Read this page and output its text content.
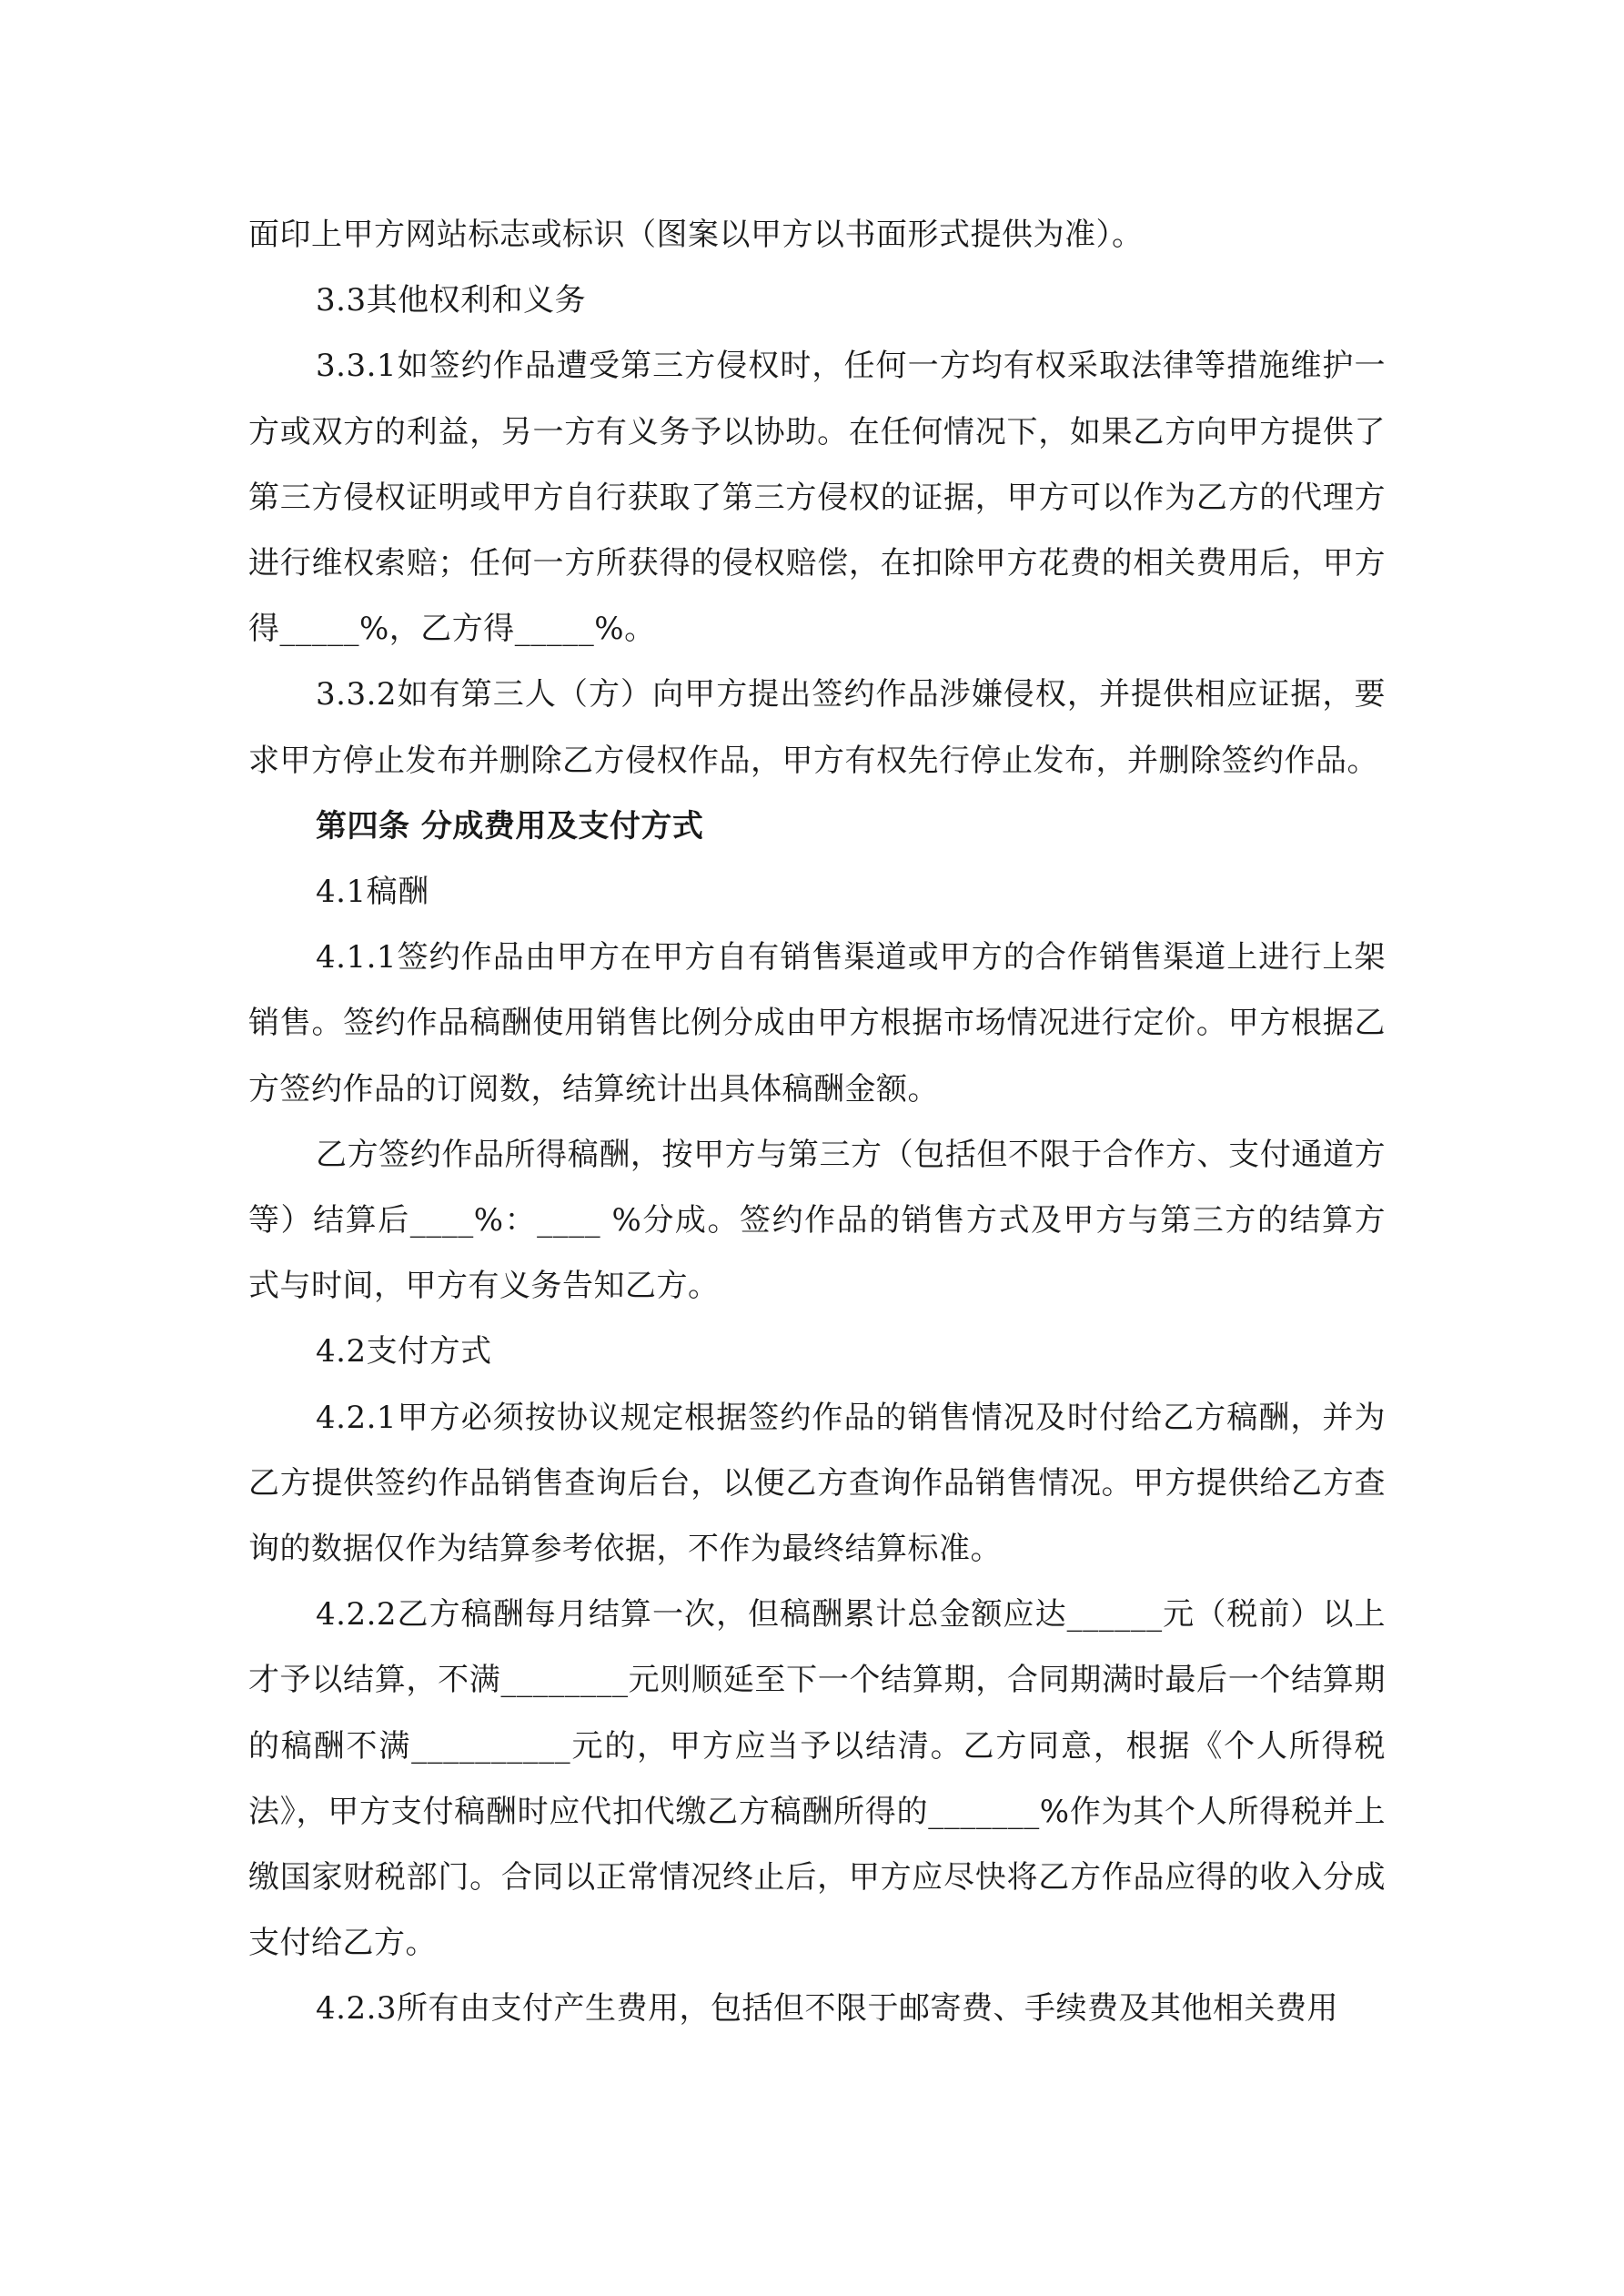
面印上甲方网站标志或标识（图案以甲方以书面形式提供为准）。

3.3其他权利和义务

3.3.1如签约作品遭受第三方侵权时，任何一方均有权采取法律等措施维护一方或双方的利益，另一方有义务予以协助。在任何情况下，如果乙方向甲方提供了第三方侵权证明或甲方自行获取了第三方侵权的证据，甲方可以作为乙方的代理方进行维权索赔；任何一方所获得的侵权赔偿，在扣除甲方花费的相关费用后，甲方得_____%，乙方得_____%。

3.3.2如有第三人（方）向甲方提出签约作品涉嫌侵权，并提供相应证据，要求甲方停止发布并删除乙方侵权作品，甲方有权先行停止发布，并删除签约作品。

第四条 分成费用及支付方式

4.1稿酬

4.1.1签约作品由甲方在甲方自有销售渠道或甲方的合作销售渠道上进行上架销售。签约作品稿酬使用销售比例分成由甲方根据市场情况进行定价。甲方根据乙方签约作品的订阅数，结算统计出具体稿酬金额。

乙方签约作品所得稿酬，按甲方与第三方（包括但不限于合作方、支付通道方等）结算后____%：____ %分成。签约作品的销售方式及甲方与第三方的结算方式与时间，甲方有义务告知乙方。

4.2支付方式

4.2.1甲方必须按协议规定根据签约作品的销售情况及时付给乙方稿酬，并为乙方提供签约作品销售查询后台，以便乙方查询作品销售情况。甲方提供给乙方查询的数据仅作为结算参考依据，不作为最终结算标准。

4.2.2乙方稿酬每月结算一次，但稿酬累计总金额应达______元（税前）以上才予以结算，不满________元则顺延至下一个结算期，合同期满时最后一个结算期的稿酬不满__________元的，甲方应当予以结清。乙方同意，根据《个人所得税法》，甲方支付稿酬时应代扣代缴乙方稿酬所得的_______%作为其个人所得税并上缴国家财税部门。合同以正常情况终止后，甲方应尽快将乙方作品应得的收入分成支付给乙方。

4.2.3所有由支付产生费用，包括但不限于邮寄费、手续费及其他相关费用
